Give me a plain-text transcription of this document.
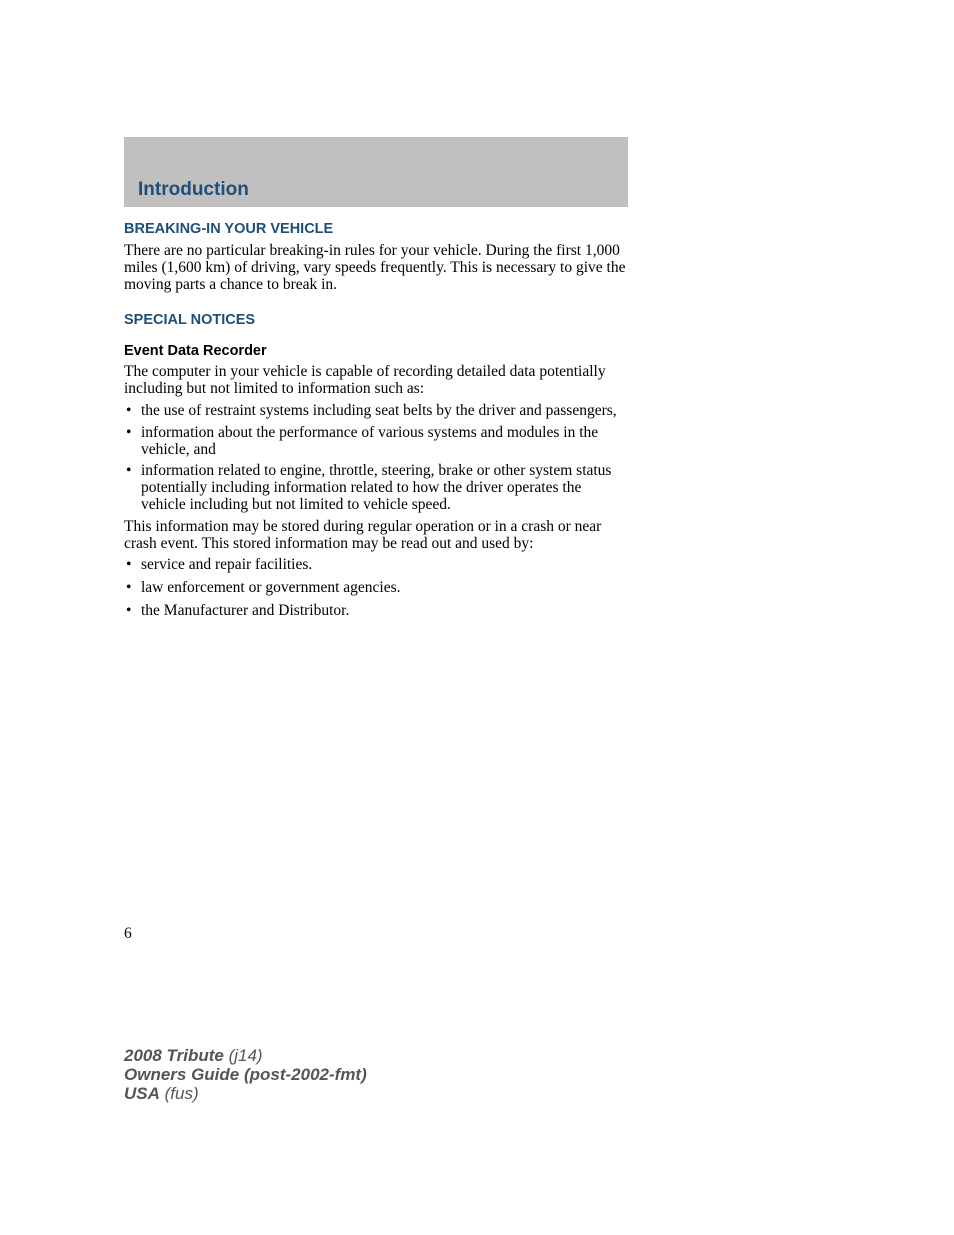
Introduction
BREAKING-IN YOUR VEHICLE

There are no particular breaking-in rules for your vehicle. During the first 1,000 miles (1,600 km) of driving, vary speeds frequently. This is necessary to give the moving parts a chance to break in.

SPECIAL NOTICES
Event Data Recorder

The computer in your vehicle is capable of recording detailed data potentially including but not limited to information such as:

• the use of restraint systems including seat belts by the driver and passengers,
• information about the performance of various systems and modules in the vehicle, and
• information related to engine, throttle, steering, brake or other system status potentially including information related to how the driver operates the vehicle including but not limited to vehicle speed.

This information may be stored during regular operation or in a crash or near crash event. This stored information may be read out and used by:

• service and repair facilities.
• law enforcement or government agencies.
• the Manufacturer and Distributor.
6
2008 Tribute (j14)
Owners Guide (post-2002-fmt)
USA (fus)
